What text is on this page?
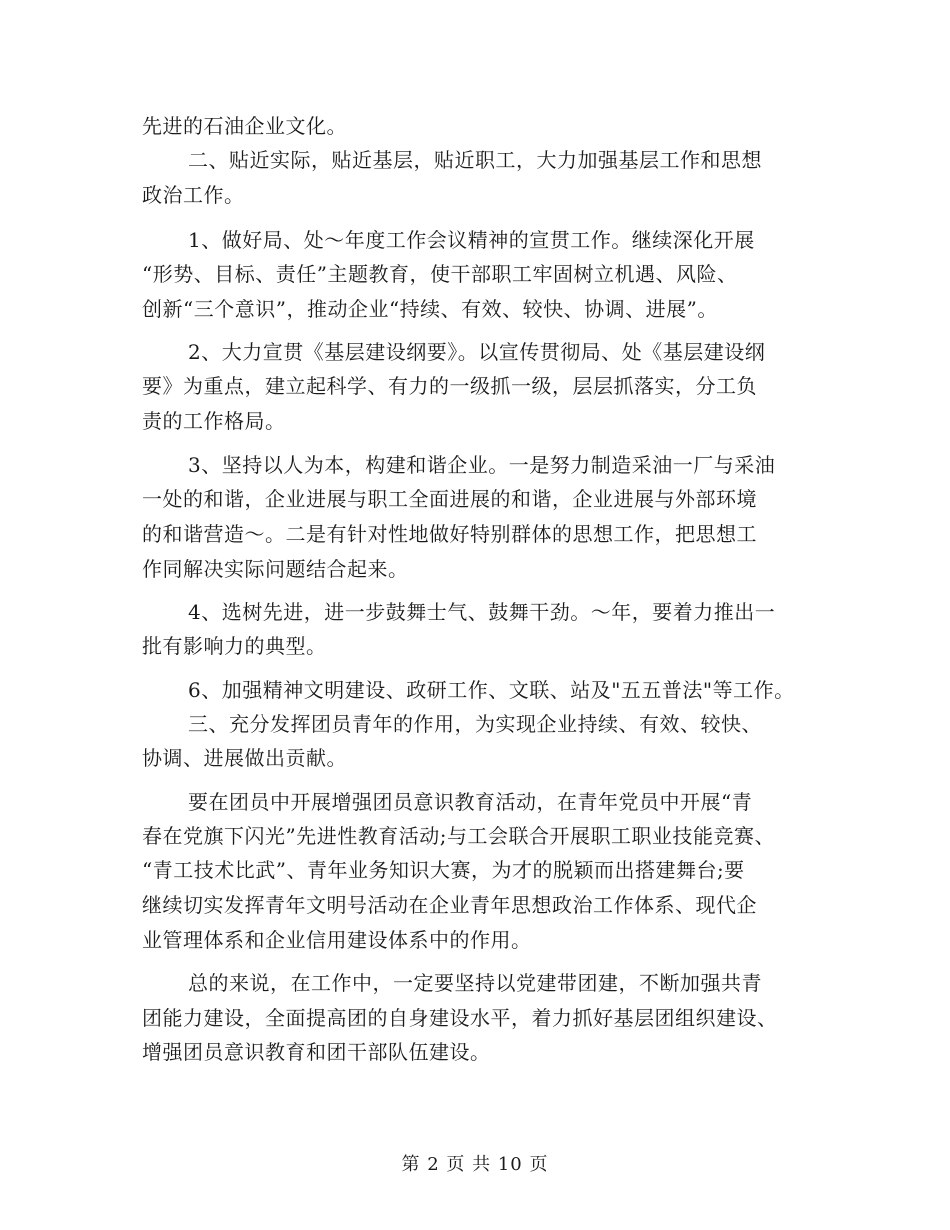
先进的石油企业文化。
二、贴近实际，贴近基层，贴近职工，大力加强基层工作和思想
政治工作。
1、做好局、处～年度工作会议精神的宣贯工作。继续深化开展
“形势、目标、责任”主题教育，使干部职工牢固树立机遇、风险、
创新“三个意识”，推动企业“持续、有效、较快、协调、进展”。
2、大力宣贯《基层建设纲要》。以宣传贯彻局、处《基层建设纲
要》为重点，建立起科学、有力的一级抓一级，层层抓落实，分工负
责的工作格局。
3、坚持以人为本，构建和谐企业。一是努力制造采油一厂与采油
一处的和谐，企业进展与职工全面进展的和谐，企业进展与外部环境
的和谐营造～。二是有针对性地做好特别群体的思想工作，把思想工
作同解决实际问题结合起来。
4、选树先进，进一步鼓舞士气、鼓舞干劲。～年，要着力推出一
批有影响力的典型。
6、加强精神文明建设、政研工作、文联、站及"五五普法"等工作。
三、充分发挥团员青年的作用，为实现企业持续、有效、较快、
协调、进展做出贡献。
要在团员中开展增强团员意识教育活动，在青年党员中开展“青
春在党旗下闪光”先进性教育活动;与工会联合开展职工职业技能竞赛、
“青工技术比武”、青年业务知识大赛，为才的脱颖而出搭建舞台;要
继续切实发挥青年文明号活动在企业青年思想政治工作体系、现代企
业管理体系和企业信用建设体系中的作用。
总的来说，在工作中，一定要坚持以党建带团建，不断加强共青
团能力建设，全面提高团的自身建设水平，着力抓好基层团组织建设、
增强团员意识教育和团干部队伍建设。
第 2 页 共 10 页
